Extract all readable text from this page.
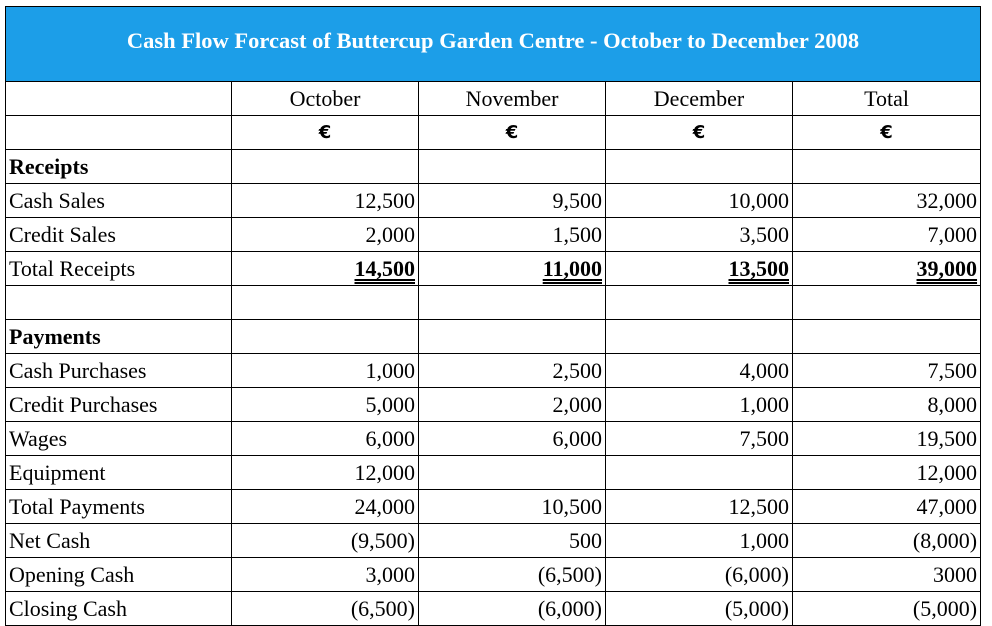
Cash Flow Forcast of Buttercup Garden Centre - October to December 2008				
	October	November	December	Total
	€	€	€	€
Receipts				
Cash Sales	12,500	9,500	10,000	32,000
Credit Sales	2,000	1,500	3,500	7,000
Total Receipts	14,500	11,000	13,500	39,000

Payments				
Cash Purchases	1,000	2,500	4,000	7,500
Credit Purchases	5,000	2,000	1,000	8,000
Wages	6,000	6,000	7,500	19,500
Equipment	12,000			12,000
Total Payments	24,000	10,500	12,500	47,000
Net Cash	(9,500)	500	1,000	(8,000)
Opening Cash	3,000	(6,500)	(6,000)	3000
Closing Cash	(6,500)	(6,000)	(5,000)	(5,000)
